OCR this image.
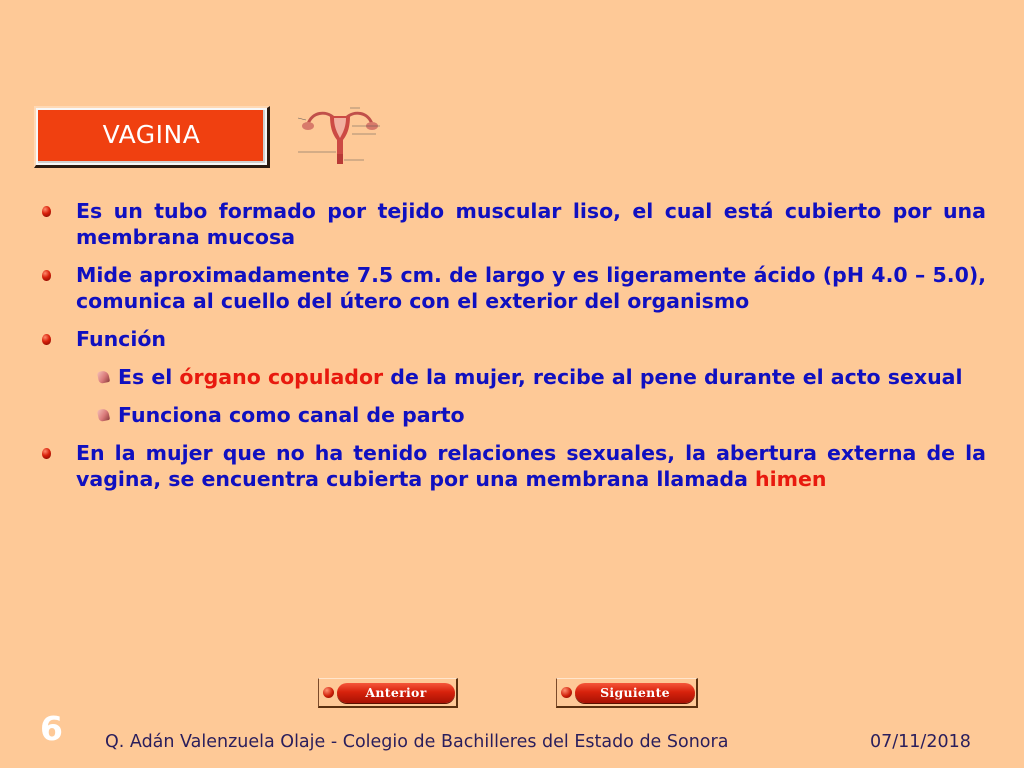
VAGINA
Es un tubo formado por tejido muscular liso, el cual está cubierto por una membrana mucosa
Mide aproximadamente 7.5 cm. de largo y es ligeramente ácido (pH 4.0 – 5.0), comunica al cuello del útero con el exterior del organismo
Función
Es el órgano copulador de la mujer, recibe al pene durante el acto sexual
Funciona como canal de parto
En la mujer que no ha tenido relaciones sexuales, la abertura externa de la vagina, se encuentra cubierta por una membrana llamada himen
Anterior	Siguiente
6 Q. Adán Valenzuela Olaje - Colegio de Bachilleres del Estado de Sonora	07/11/2018
